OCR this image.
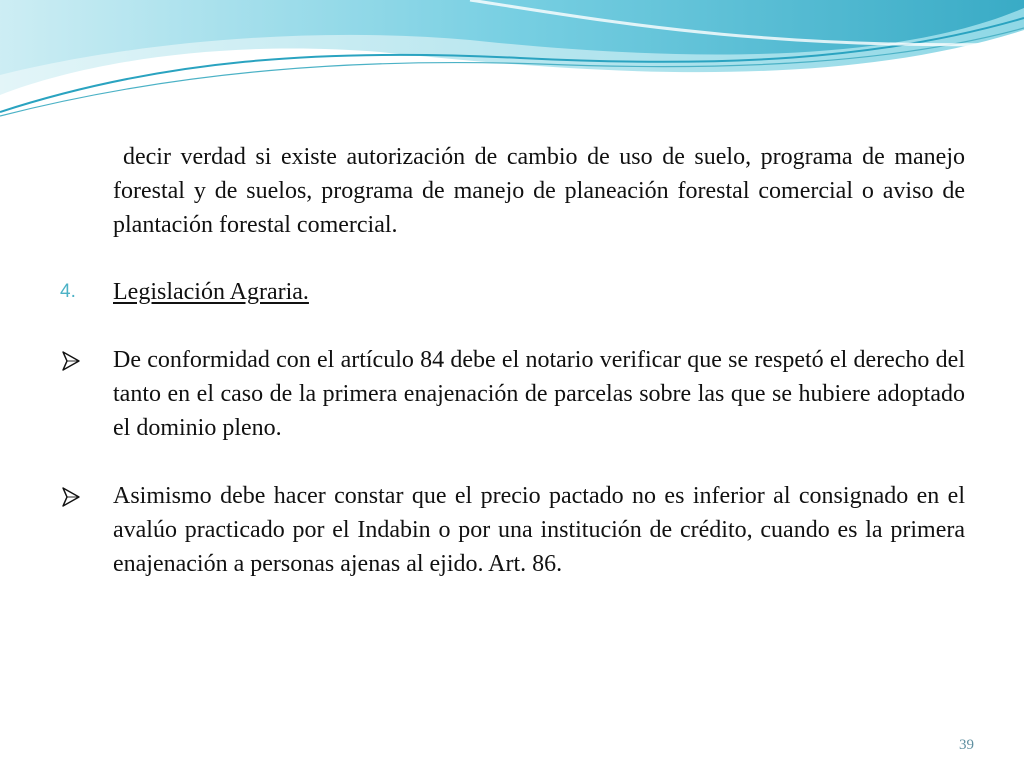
decir verdad si existe autorización de cambio de uso de suelo, programa de manejo forestal y de suelos, programa de manejo de planeación forestal comercial o aviso de plantación forestal comercial.
4. Legislación Agraria.
De conformidad con el artículo 84 debe el notario verificar que se respetó el derecho del tanto en el caso de la primera enajenación de parcelas sobre las que se hubiere adoptado el dominio pleno.
Asimismo debe hacer constar que el precio pactado no es inferior al consignado en el avalúo practicado por el Indabin o por una institución de crédito, cuando es la primera enajenación a personas ajenas al ejido. Art. 86.
39
